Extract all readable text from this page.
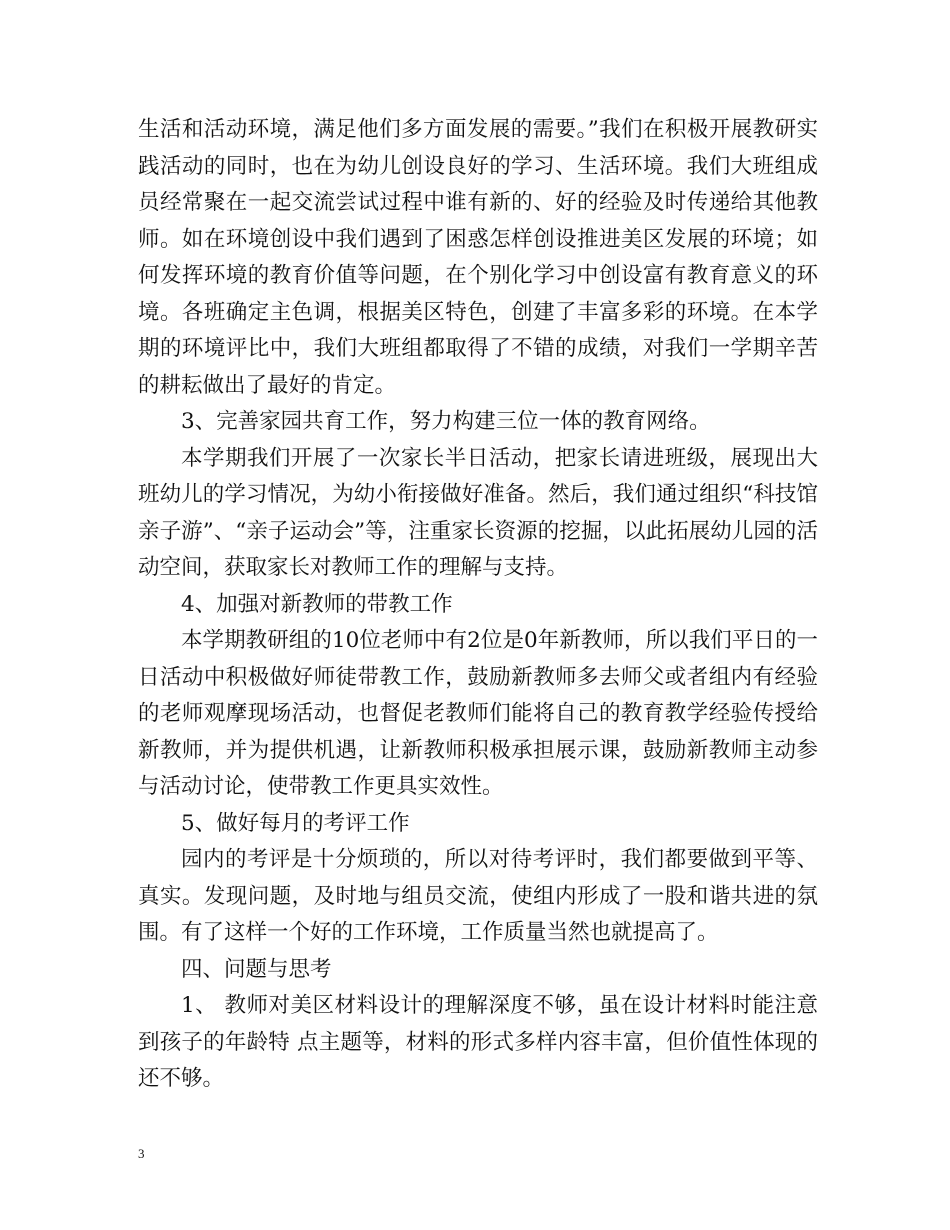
生活和活动环境，满足他们多方面发展的需要。”我们在积极开展教研实践活动的同时，也在为幼儿创设良好的学习、生活环境。我们大班组成员经常聚在一起交流尝试过程中谁有新的、好的经验及时传递给其他教师。如在环境创设中我们遇到了困惑怎样创设推进美区发展的环境；如何发挥环境的教育价值等问题，在个别化学习中创设富有教育意义的环境。各班确定主色调，根据美区特色，创建了丰富多彩的环境。在本学期的环境评比中，我们大班组都取得了不错的成绩，对我们一学期辛苦的耕耘做出了最好的肯定。

3、完善家园共育工作，努力构建三位一体的教育网络。

本学期我们开展了一次家长半日活动，把家长请进班级，展现出大班幼儿的学习情况，为幼小衔接做好准备。然后，我们通过组织“科技馆亲子游”、“亲子运动会”等，注重家长资源的挖掘，以此拓展幼儿园的活动空间，获取家长对教师工作的理解与支持。

4、加强对新教师的带教工作

本学期教研组的10位老师中有2位是0年新教师，所以我们平日的一日活动中积极做好师徒带教工作，鼓励新教师多去师父或者组内有经验的老师观摩现场活动，也督促老教师们能将自己的教育教学经验传授给新教师，并为提供机遇，让新教师积极承担展示课，鼓励新教师主动参与活动讨论，使带教工作更具实效性。

5、做好每月的考评工作

园内的考评是十分烦琐的，所以对待考评时，我们都要做到平等、真实。发现问题，及时地与组员交流，使组内形成了一股和谐共进的氛围。有了这样一个好的工作环境，工作质量当然也就提高了。

四、问题与思考

1、 教师对美区材料设计的理解深度不够，虽在设计材料时能注意到孩子的年龄特 点主题等，材料的形式多样内容丰富，但价值性体现的还不够。

3
